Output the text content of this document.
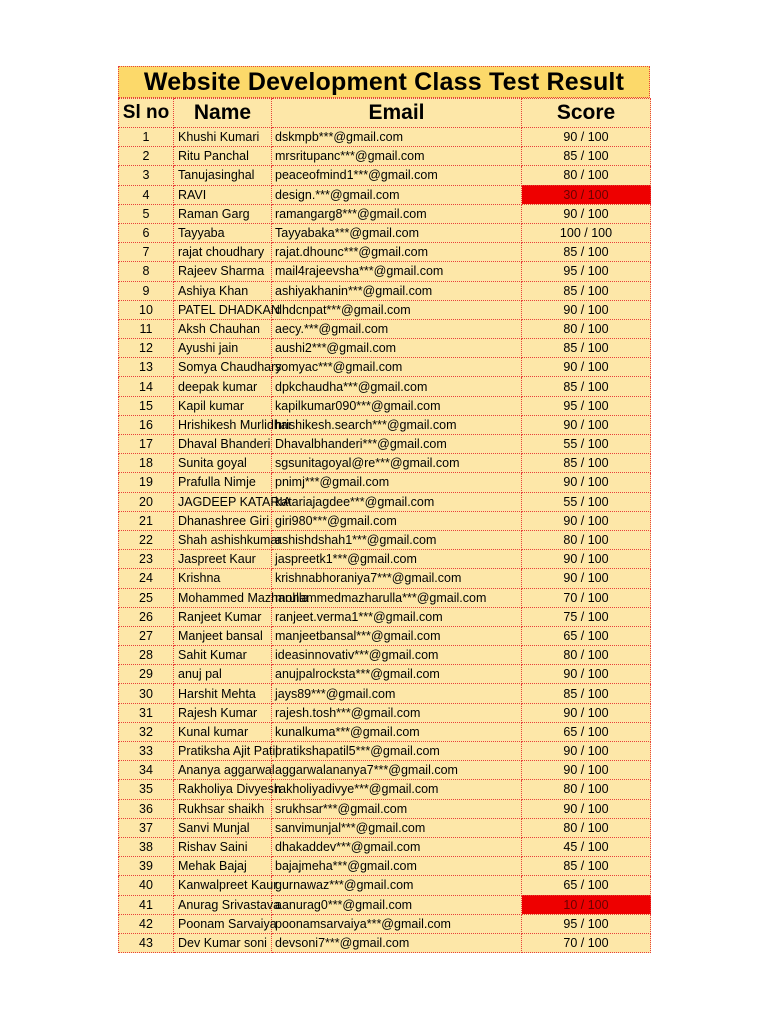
Website Development Class Test Result
Sl no	Name	Email	Score
1	Khushi Kumari	dskmpb***@gmail.com	90 / 100
2	Ritu Panchal	mrsritupanc***@gmail.com	85 / 100
3	Tanujasinghal	peaceofmind1***@gmail.com	80 / 100
4	RAVI	design.***@gmail.com	30 / 100
5	Raman Garg	ramangarg8***@gmail.com	90 / 100
6	Tayyaba	Tayyabaka***@gmail.com	100 / 100
7	rajat choudhary	rajat.dhounc***@gmail.com	85 / 100
8	Rajeev Sharma	mail4rajeevsha***@gmail.com	95 / 100
9	Ashiya Khan	ashiyakhanin***@gmail.com	85 / 100
10	PATEL DHADKAN	dhdcnpat***@gmail.com	90 / 100
11	Aksh Chauhan	aecy.***@gmail.com	80 / 100
12	Ayushi jain	aushi2***@gmail.com	85 / 100
13	Somya Chaudhary	somyac***@gmail.com	90 / 100
14	deepak kumar	dpkchaudha***@gmail.com	85 / 100
15	Kapil kumar	kapilkumar090***@gmail.com	95 / 100
16	Hrishikesh Murlidhar	hrishikesh.search***@gmail.com	90 / 100
17	Dhaval Bhanderi	Dhavalbhanderi***@gmail.com	55 / 100
18	Sunita goyal	sgsunitagoyal@re***@gmail.com	85 / 100
19	Prafulla Nimje	pnimj***@gmail.com	90 / 100
20	JAGDEEP KATARIA	katariajagdee***@gmail.com	55 / 100
21	Dhanashree Giri	giri980***@gmail.com	90 / 100
22	Shah ashishkumar	ashishdshah1***@gmail.com	80 / 100
23	Jaspreet Kaur	jaspreetk1***@gmail.com	90 / 100
24	Krishna	krishnabhoraniya7***@gmail.com	90 / 100
25	Mohammed Mazharulla	mohammedmazharulla***@gmail.com	70 / 100
26	Ranjeet Kumar	ranjeet.verma1***@gmail.com	75 / 100
27	Manjeet bansal	manjeetbansal***@gmail.com	65 / 100
28	Sahit Kumar	ideasinnovativ***@gmail.com	80 / 100
29	anuj pal	anujpalrocksta***@gmail.com	90 / 100
30	Harshit Mehta	jays89***@gmail.com	85 / 100
31	Rajesh Kumar	rajesh.tosh***@gmail.com	90 / 100
32	Kunal kumar	kunalkuma***@gmail.com	65 / 100
33	Pratiksha Ajit Patil	pratikshapatil5***@gmail.com	90 / 100
34	Ananya aggarwal	aggarwalananya7***@gmail.com	90 / 100
35	Rakholiya Divyesh	rakholiyadivye***@gmail.com	80 / 100
36	Rukhsar shaikh	srukhsar***@gmail.com	90 / 100
37	Sanvi Munjal	sanvimunjal***@gmail.com	80 / 100
38	Rishav Saini	dhakaddev***@gmail.com	45 / 100
39	Mehak Bajaj	bajajmeha***@gmail.com	85 / 100
40	Kanwalpreet Kaur	gurnawaz***@gmail.com	65 / 100
41	Anurag Srivastava	aanurag0***@gmail.com	10 / 100
42	Poonam Sarvaiya	poonamsarvaiya***@gmail.com	95 / 100
43	Dev Kumar soni	devsoni7***@gmail.com	70 / 100
